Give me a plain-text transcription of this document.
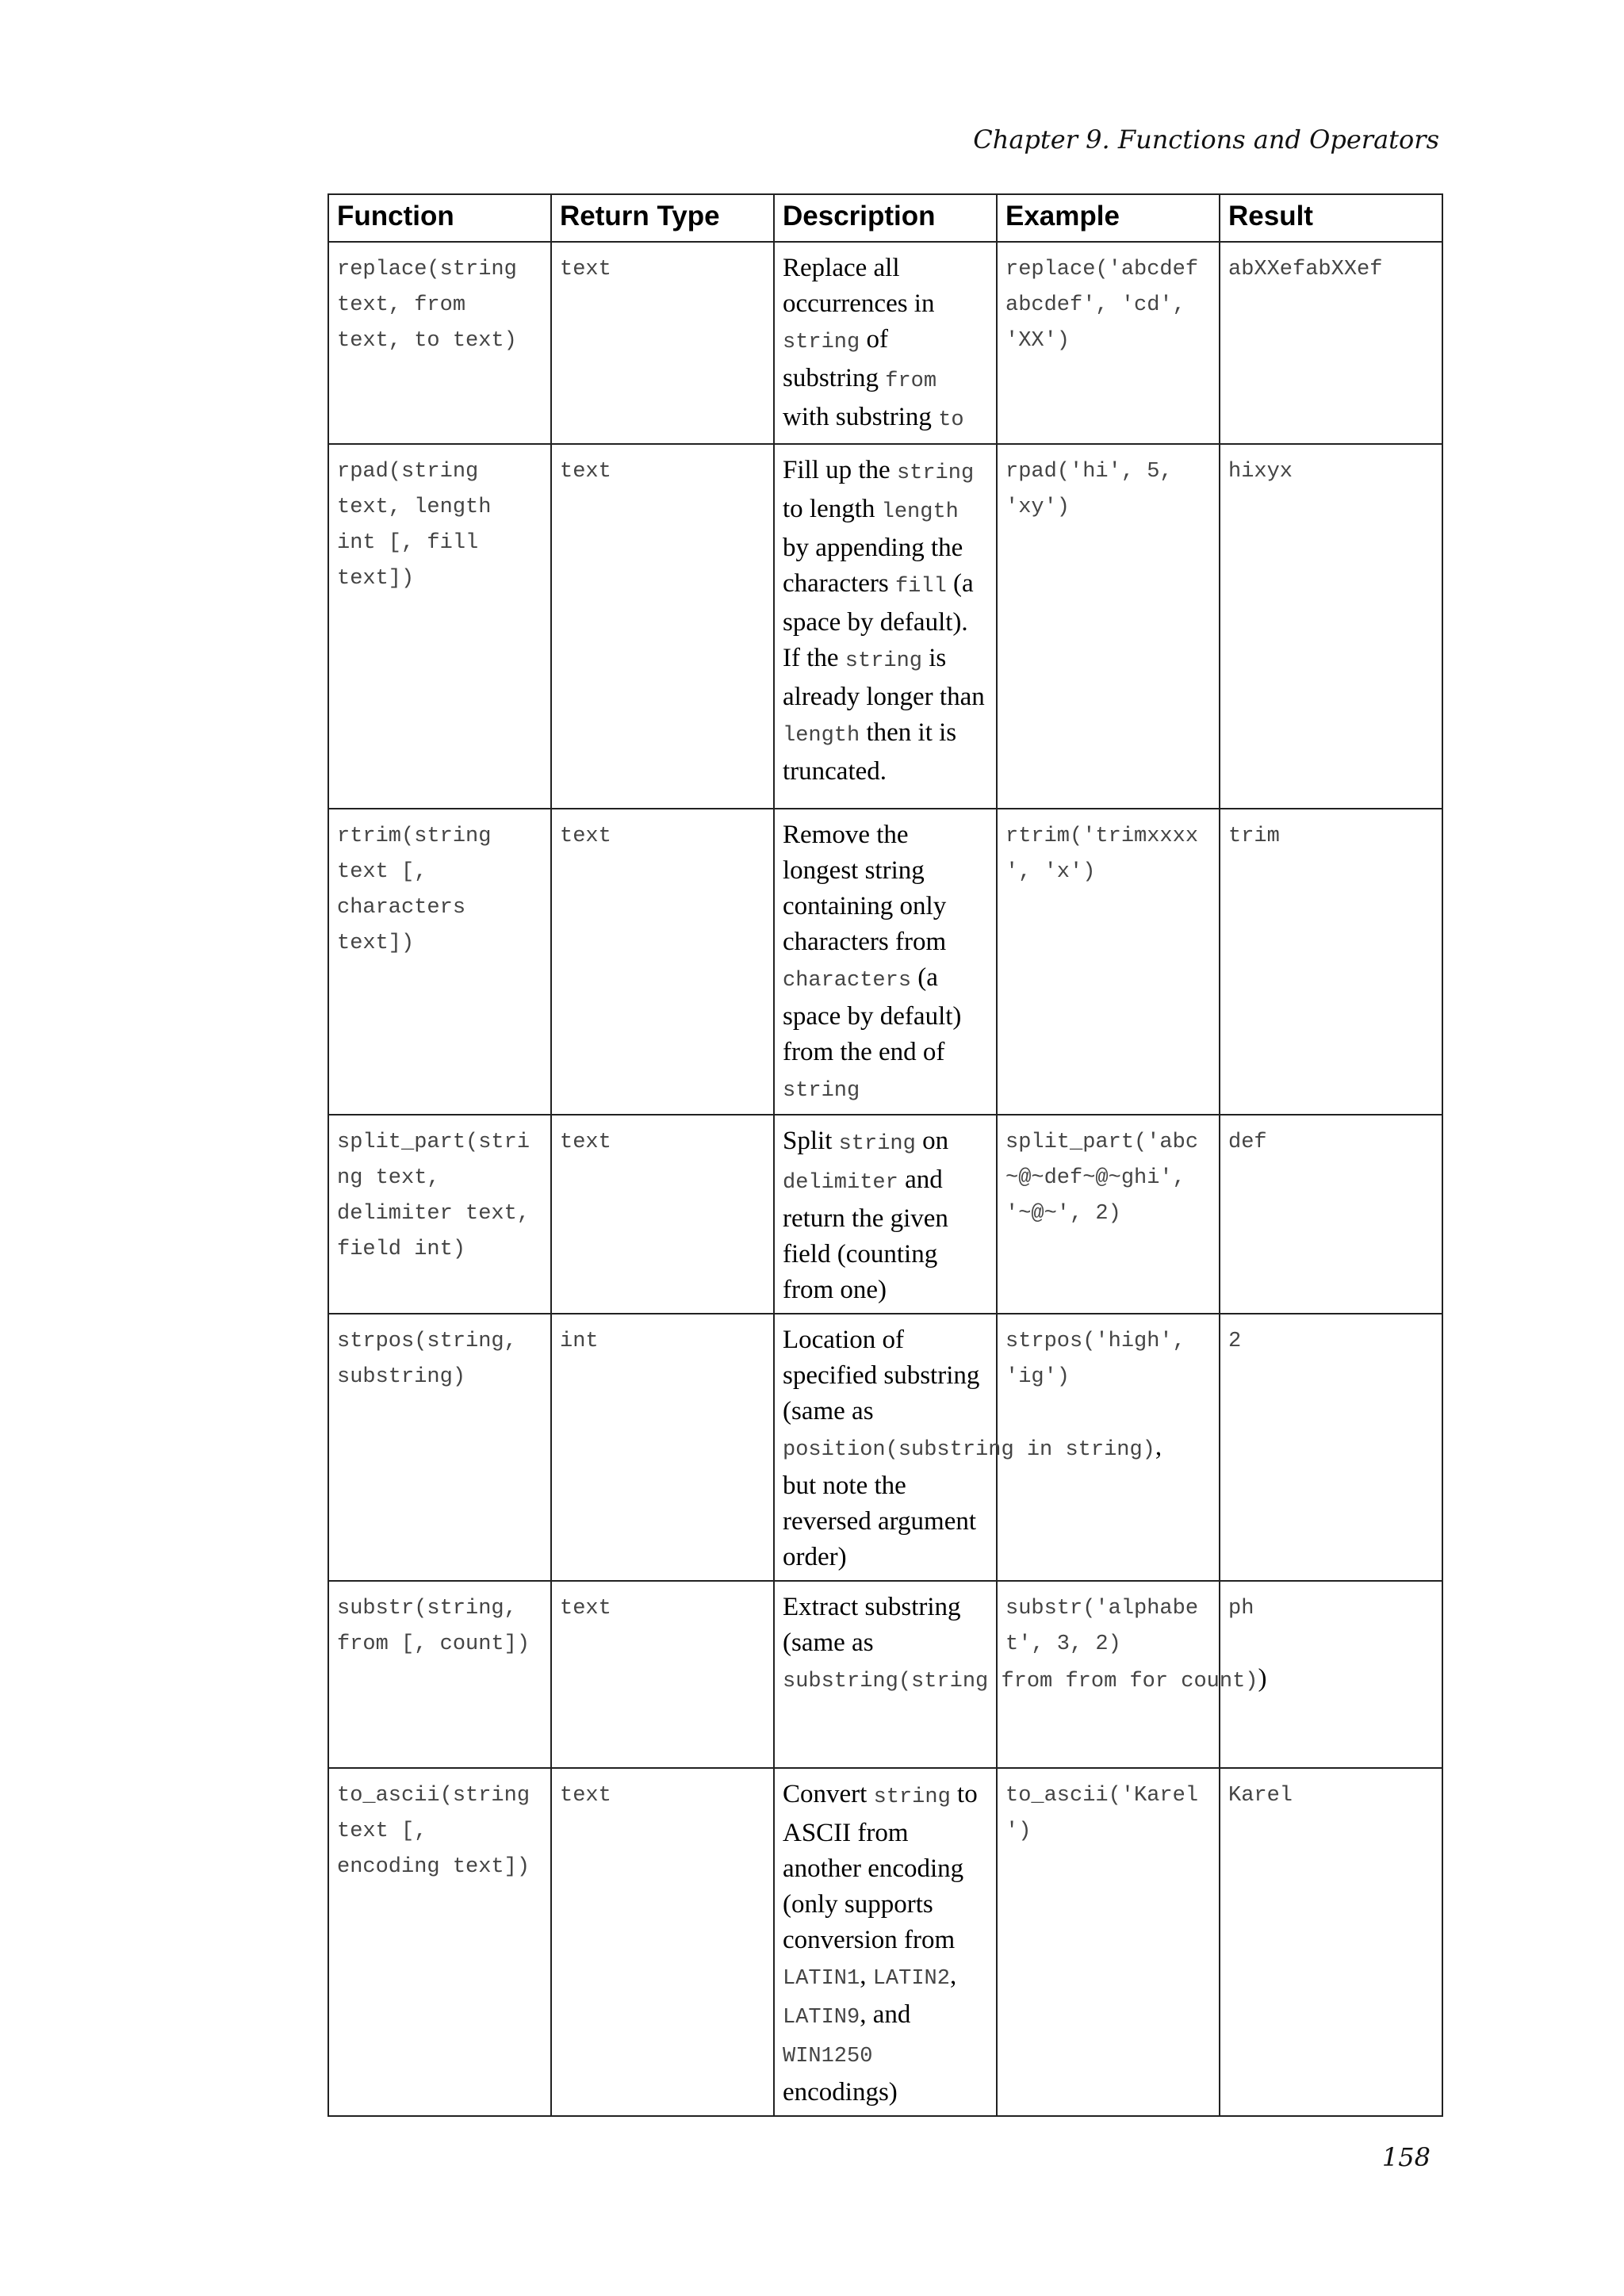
Chapter 9. Functions and Operators
Function	Return Type	Description	Example	Result
replace(string text, from text, to text)	text	Replace all occurrences in string of substring from with substring to	replace('abcdefabcdef', 'cd', 'XX')	abXXefabXXef
rpad(string text, length int [, fill text])	text	Fill up the string to length length by appending the characters fill (a space by default). If the string is already longer than length then it is truncated.	rpad('hi', 5, 'xy')	hixyx
rtrim(string text [, characters text])	text	Remove the longest string containing only characters from characters (a space by default) from the end of string	rtrim('trimxxxx', 'x')	trim
split_part(string text, delimiter text, field int)	text	Split string on delimiter and return the given field (counting from one)	split_part('abc~@~def~@~ghi', '~@~', 2)	def
strpos(string, substring)	int	Location of specified substring (same as position(substring in string), but note the reversed argument order)	strpos('high', 'ig')	2
substr(string, from [, count])	text	Extract substring (same as substring(string from from for count))	substr('alphabet', 3, 2)	ph
to_ascii(string text [, encoding text])	text	Convert string to ASCII from another encoding (only supports conversion from LATIN1, LATIN2, LATIN9, and WIN1250 encodings)	to_ascii('Karel')	Karel
158
